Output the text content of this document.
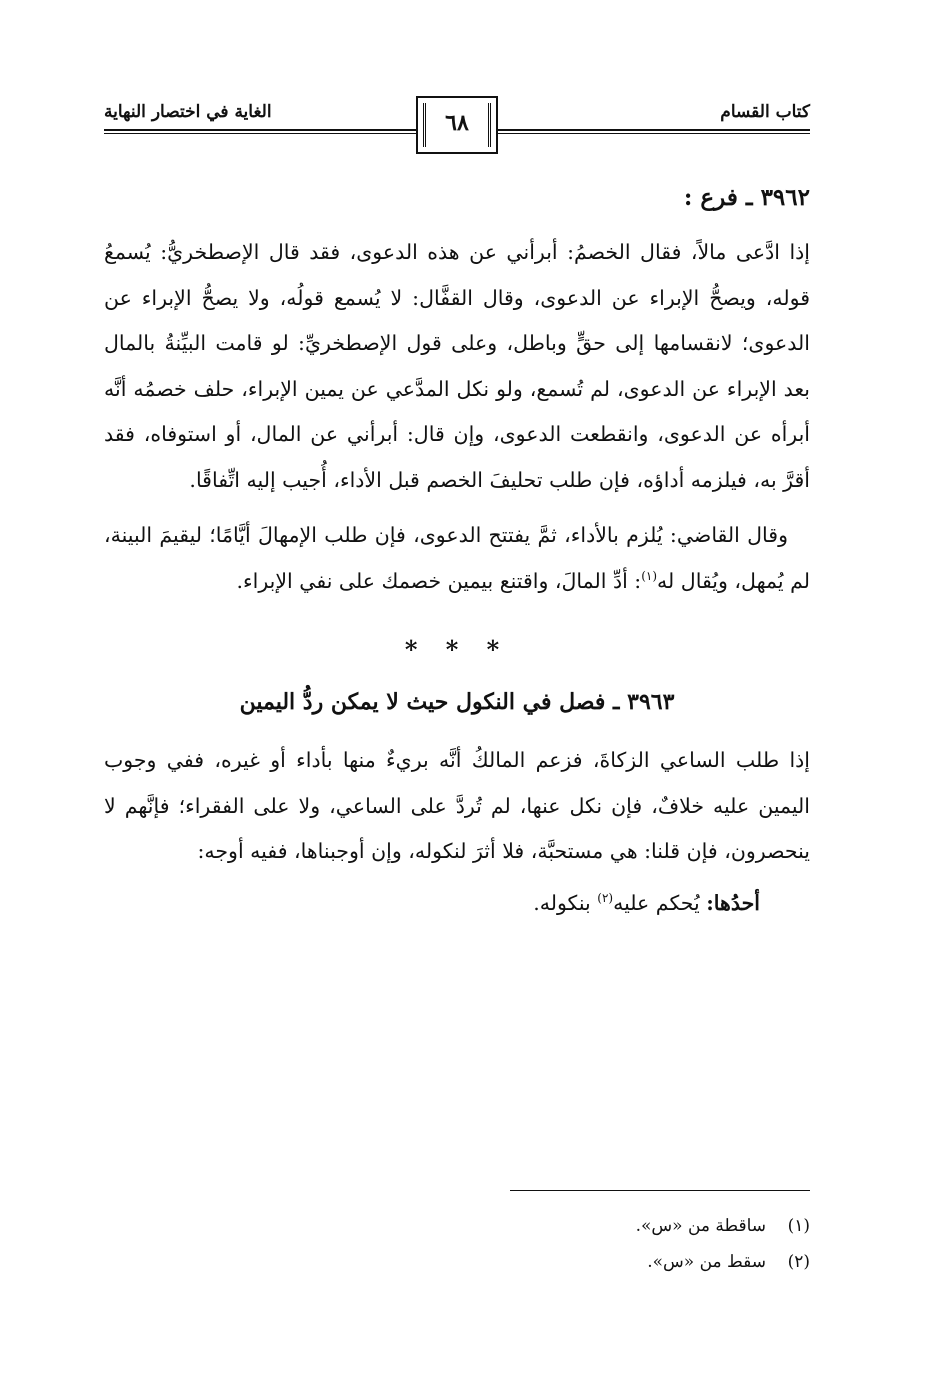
كتاب القسام
الغاية في اختصار النهاية	٦٨
٣٩٦٢ ـ فرع :

إذا ادَّعى مالاً، فقال الخصمُ: أبرأني عن هذه الدعوى، فقد قال الإصطخريُّ: يُسمعُ قوله، ويصحُّ الإبراء عن الدعوى، وقال القفَّال: لا يُسمع قولُه، ولا يصحُّ الإبراء عن الدعوى؛ لانقسامها إلى حقٍّ وباطل، وعلى قول الإصطخريِّ: لو قامت البيِّنةُ بالمال بعد الإبراء عن الدعوى، لم تُسمع، ولو نكل المدَّعي عن يمين الإبراء، حلف خصمُه أنَّه أبرأه عن الدعوى، وانقطعت الدعوى، وإن قال: أبرأني عن المال، أو استوفاه، فقد أقرَّ به، فيلزمه أداؤه، فإن طلب تحليفَ الخصم قبل الأداء، أُجيب إليه اتِّفاقًا.

وقال القاضي: يُلزم بالأداء، ثمَّ يفتتح الدعوى، فإن طلب الإمهالَ أيَّامًا؛ ليقيمَ البينة، لم يُمهل، ويُقال له$^{(١)}$: أدِّ المالَ، واقتنع بيمين خصمك على نفي الإبراء.

* * *
٣٩٦٣ ـ فصل في النكول حيث لا يمكن ردُّ اليمين

إذا طلب الساعي الزكاةَ، فزعم المالكُ أنَّه بريءٌ منها بأداء أو غيره، ففي وجوب اليمين عليه خلافٌ، فإن نكل عنها، لم تُردَّ على الساعي، ولا على الفقراء؛ فإنَّهم لا ينحصرون، فإن قلنا: هي مستحبَّة، فلا أثرَ لنكوله، وإن أوجبناها، ففيه أوجه:

أحدُها: يُحكم عليه$^{(٢)}$ بنكوله.

(١)ساقطة من «س».
(٢)سقط من «س».
